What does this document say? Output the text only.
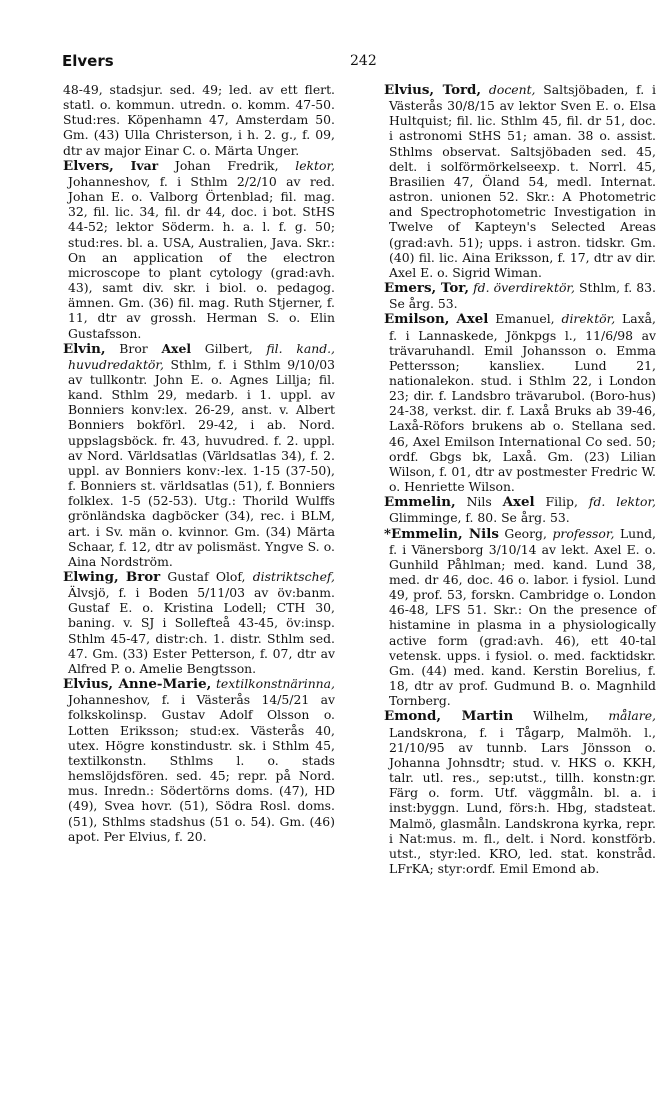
Elvers	242

48-49, stadsjur. sed. 49; led. av ett flert. statl. o. kommun. utredn. o. komm. 47-50. Stud:res. Köpenhamn 47, Amsterdam 50. Gm. (43) Ulla Christerson, i h. 2. g., f. 09, dtr av major Einar C. o. Märta Unger.

Elvers, Ivar Johan Fredrik, lektor, Johanneshov, f. i Sthlm 2/2/10 av red. Johan E. o. Valborg Örtenblad; fil. mag. 32, fil. lic. 34, fil. dr 44, doc. i bot. StHS 44-52; lektor Söderm. h. a. l. f. g. 50; stud:res. bl. a. USA, Australien, Java. Skr.: On an application of the electron microscope to plant cytology (grad:avh. 43), samt div. skr. i biol. o. pedagog. ämnen. Gm. (36) fil. mag. Ruth Stjerner, f. 11, dtr av grossh. Herman S. o. Elin Gustafsson.

Elvin, Bror Axel Gilbert, fil. kand., huvudredaktör, Sthlm, f. i Sthlm 9/10/03 av tullkontr. John E. o. Agnes Lillja; fil. kand. Sthlm 29, medarb. i 1. uppl. av Bonniers konv:lex. 26-29, anst. v. Albert Bonniers bokförl. 29-42, i ab. Nord. uppslagsböck. fr. 43, huvudred. f. 2. uppl. av Nord. Världsatlas (Världsatlas 34), f. 2. uppl. av Bonniers konv:-lex. 1-15 (37-50), f. Bonniers st. världsatlas (51), f. Bonniers folklex. 1-5 (52-53). Utg.: Thorild Wulffs grönländska dagböcker (34), rec. i BLM, art. i Sv. män o. kvinnor. Gm. (34) Märta Schaar, f. 12, dtr av polismäst. Yngve S. o. Aina Nordström.

Elwing, Bror Gustaf Olof, distriktschef, Älvsjö, f. i Boden 5/11/03 av öv:banm. Gustaf E. o. Kristina Lodell; CTH 30, baning. v. SJ i Sollefteå 43-45, öv:insp. Sthlm 45-47, distr:ch. 1. distr. Sthlm sed. 47. Gm. (33) Ester Petterson, f. 07, dtr av Alfred P. o. Amelie Bengtsson.

Elvius, Anne-Marie, textilkonstnärinna, Johanneshov, f. i Västerås 14/5/21 av folkskolinsp. Gustav Adolf Olsson o. Lotten Eriksson; stud:ex. Västerås 40, utex. Högre konstindustr. sk. i Sthlm 45, textilkonstn. Sthlms l. o. stads hemslöjdsfören. sed. 45; repr. på Nord. mus. Inredn.: Södertörns doms. (47), HD (49), Svea hovr. (51), Södra Rosl. doms. (51), Sthlms stadshus (51 o. 54). Gm. (46) apot. Per Elvius, f. 20.

Elvius, Tord, docent, Saltsjöbaden, f. i Västerås 30/8/15 av lektor Sven E. o. Elsa Hultquist; fil. lic. Sthlm 45, fil. dr 51, doc. i astronomi StHS 51; aman. 38 o. assist. Sthlms observat. Saltsjöbaden sed. 45, delt. i solförmörkelseexp. t. Norrl. 45, Brasilien 47, Öland 54, medl. Internat. astron. unionen 52. Skr.: A Photometric and Spectrophotometric Investigation in Twelve of Kapteyn's Selected Areas (grad:avh. 51); upps. i astron. tidskr. Gm. (40) fil. lic. Aina Eriksson, f. 17, dtr av dir. Axel E. o. Sigrid Wiman.

Emers, Tor, fd. överdirektör, Sthlm, f. 83. Se årg. 53.

Emilson, Axel Emanuel, direktör, Laxå, f. i Lannaskede, Jönkpgs l., 11/6/98 av trävaruhandl. Emil Johansson o. Emma Pettersson; kansliex. Lund 21, nationalekon. stud. i Sthlm 22, i London 23; dir. f. Landsbro trävarubol. (Boro-hus) 24-38, verkst. dir. f. Laxå Bruks ab 39-46, Laxå-Röfors brukens ab o. Stellana sed. 46, Axel Emilson International Co sed. 50; ordf. Gbgs bk, Laxå. Gm. (23) Lilian Wilson, f. 01, dtr av postmester Fredric W. o. Henriette Wilson.

Emmelin, Nils Axel Filip, fd. lektor, Glimminge, f. 80. Se årg. 53.

*Emmelin, Nils Georg, professor, Lund, f. i Vänersborg 3/10/14 av lekt. Axel E. o. Gunhild Påhlman; med. kand. Lund 38, med. dr 46, doc. 46 o. labor. i fysiol. Lund 49, prof. 53, forskn. Cambridge o. London 46-48, LFS 51. Skr.: On the presence of histamine in plasma in a physiologically active form (grad:avh. 46), ett 40-tal vetensk. upps. i fysiol. o. med. facktidskr. Gm. (44) med. kand. Kerstin Borelius, f. 18, dtr av prof. Gudmund B. o. Magnhild Tornberg.

Emond, Martin Wilhelm, målare, Landskrona, f. i Tågarp, Malmöh. l., 21/10/95 av tunnb. Lars Jönsson o. Johanna Johnsdtr; stud. v. HKS o. KKH, talr. utl. res., sep:utst., tillh. konstn:gr. Färg o. form. Utf. väggmåln. bl. a. i inst:byggn. Lund, förs:h. Hbg, stadsteat. Malmö, glasmåln. Landskrona kyrka, repr. i Nat:mus. m. fl., delt. i Nord. konstförb. utst., styr:led. KRO, led. stat. konstråd. LFrKA; styr:ordf. Emil Emond ab.
